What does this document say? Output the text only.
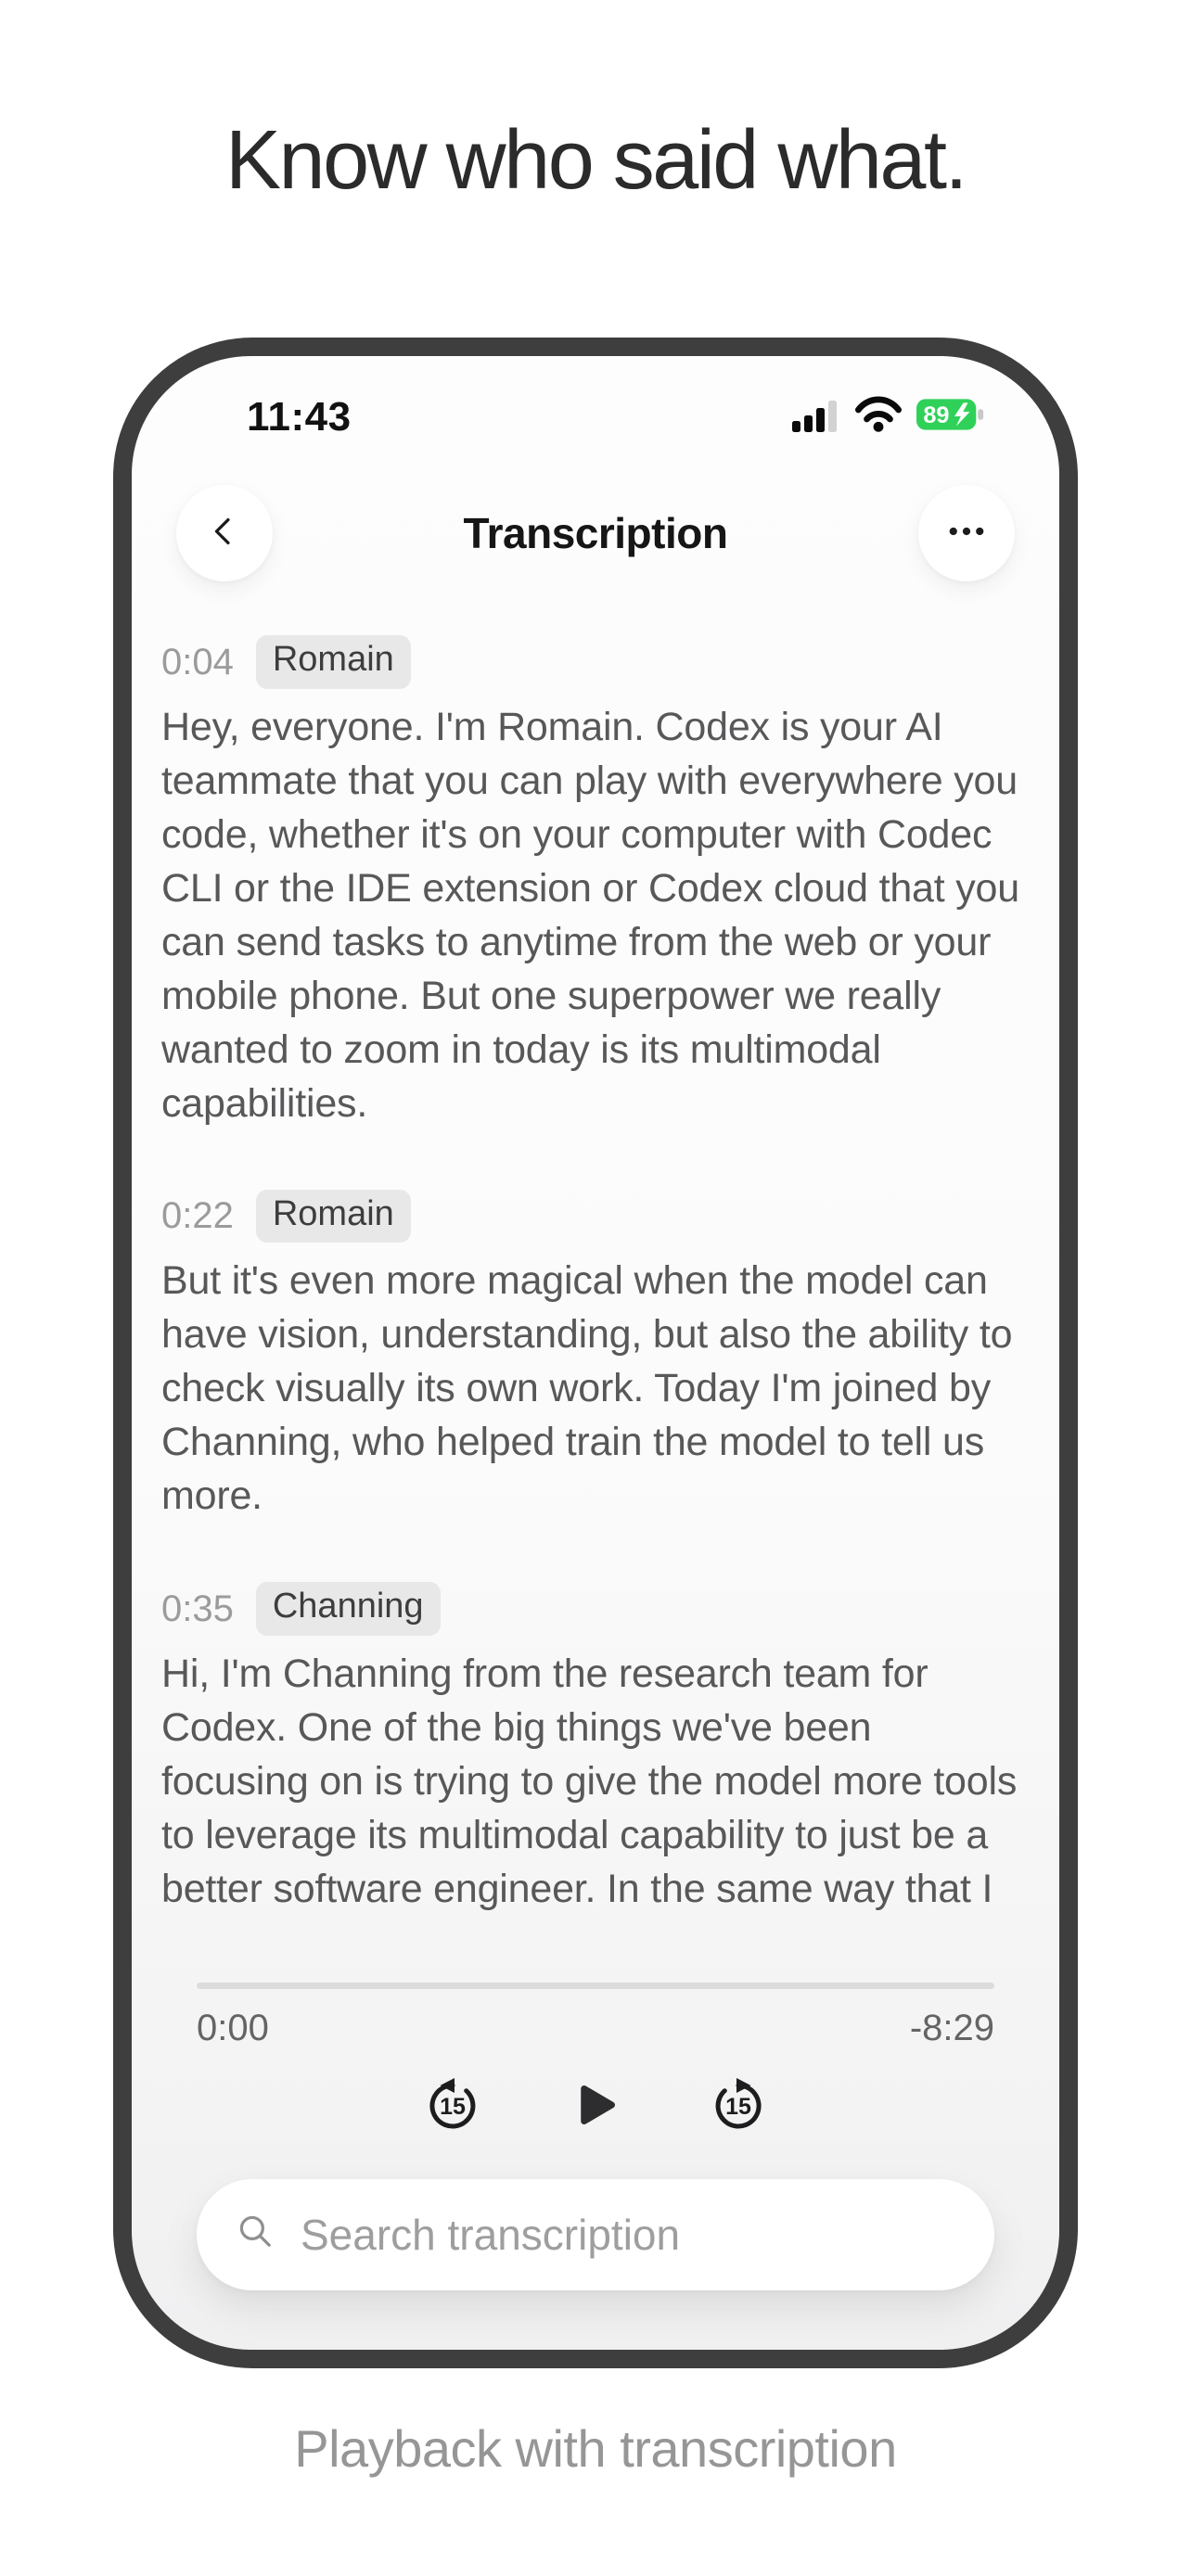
Know who said what.
11:43	89
Transcription
0:04	Romain
Hey, everyone. I'm Romain. Codex is your AI teammate that you can play with everywhere you code, whether it's on your computer with Codec CLI or the IDE extension or Codex cloud that you can send tasks to anytime from the web or your mobile phone. But one superpower we really wanted to zoom in today is its multimodal capabilities.
0:22	Romain
But it's even more magical when the model can have vision, understanding, but also the ability to check visually its own work. Today I'm joined by Channing, who helped train the model to tell us more.
0:35	Channing
Hi, I'm Channing from the research team for Codex. One of the big things we've been focusing on is trying to give the model more tools to leverage its multimodal capability to just be a better software engineer. In the same way that I
0:00	-8:29
15	15
Search transcription
Playback with transcription
